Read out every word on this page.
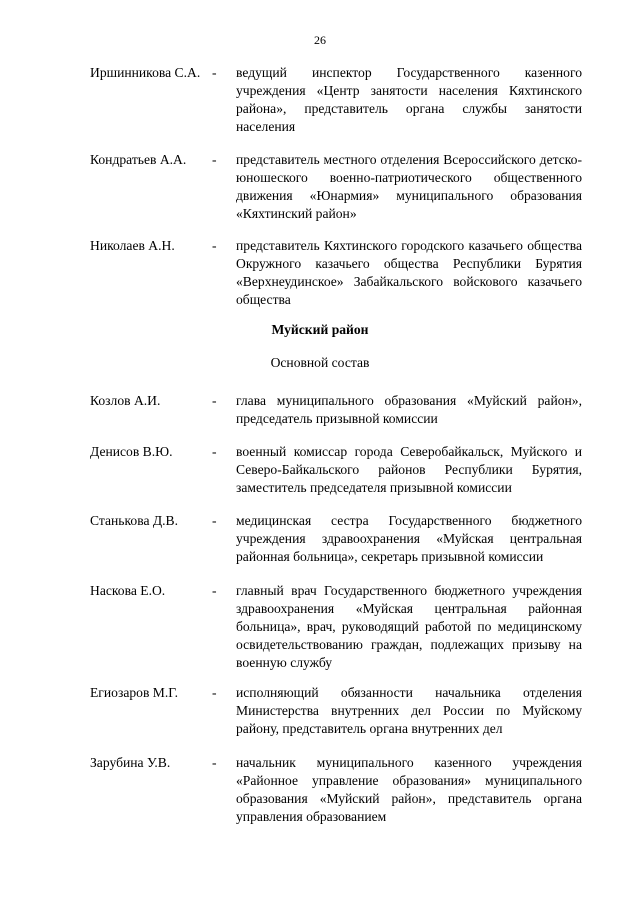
26
Иршинникова С.А. - ведущий инспектор Государственного казенного учреждения «Центр занятости населения Кяхтинского района», представитель органа службы занятости населения
Кондратьев А.А.	- представитель местного отделения Всероссийского детско-юношеского военно-патриотического общественного движения «Юнармия» муниципального образования «Кяхтинский район»
Николаев А.Н.	- представитель Кяхтинского городского казачьего общества Окружного казачьего общества Республики Бурятия «Верхнеудинское» Забайкальского войскового казачьего общества
Муйский район
Основной состав
Козлов А.И.	- глава муниципального образования «Муйский район», председатель призывной комиссии
Денисов В.Ю.	- военный комиссар города Северобайкальск, Муйского и Северо-Байкальского районов Республики Бурятия, заместитель председателя призывной комиссии
Станькова Д.В.	- медицинская сестра Государственного бюджетного учреждения здравоохранения «Муйская центральная районная больница», секретарь призывной комиссии
Наскова Е.О.	- главный врач Государственного бюджетного учреждения здравоохранения «Муйская центральная районная больница», врач, руководящий работой по медицинскому освидетельствованию граждан, подлежащих призыву на военную службу
Егиозаров М.Г.	- исполняющий обязанности начальника отделения Министерства внутренних дел России по Муйскому району, представитель органа внутренних дел
Зарубина У.В.	- начальник муниципального казенного учреждения «Районное управление образования» муниципального образования «Муйский район», представитель органа управления образованием
